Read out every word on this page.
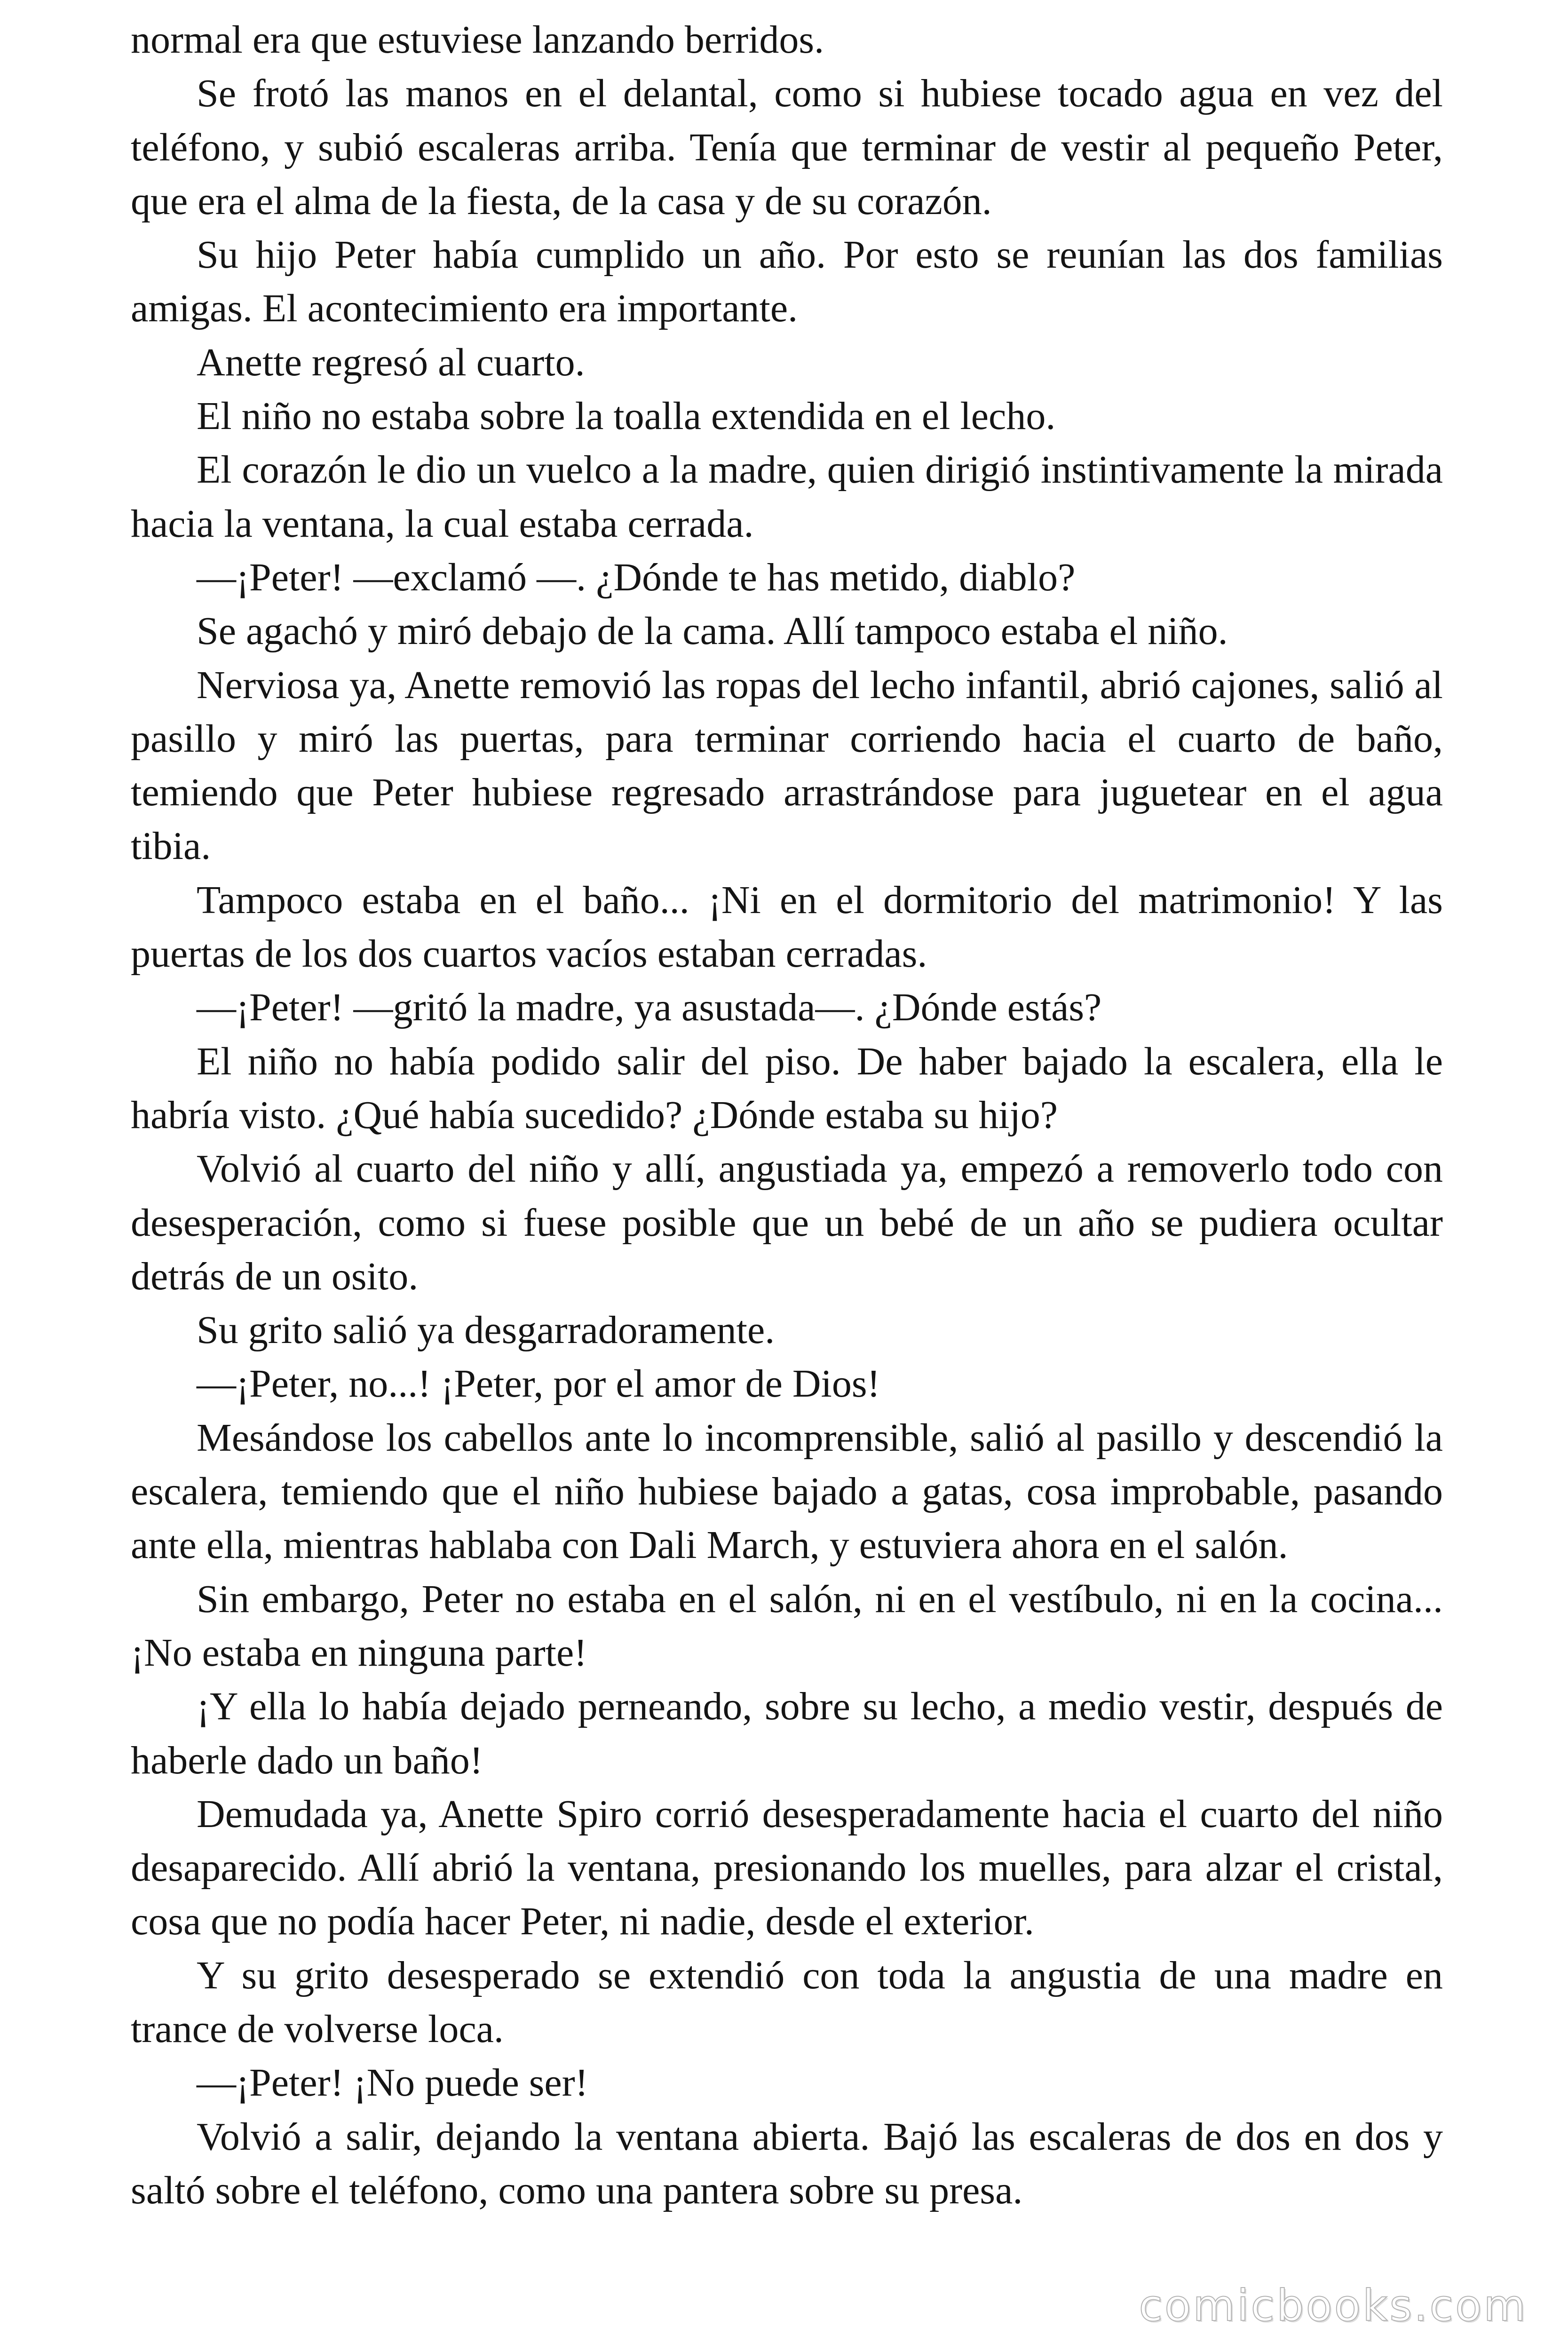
normal era que estuviese lanzando berridos.

Se frotó las manos en el delantal, como si hubiese tocado agua en vez del teléfono, y subió escaleras arriba. Tenía que terminar de vestir al pequeño Peter, que era el alma de la fiesta, de la casa y de su corazón.

Su hijo Peter había cumplido un año. Por esto se reunían las dos familias amigas. El acontecimiento era importante.

Anette regresó al cuarto.

El niño no estaba sobre la toalla extendida en el lecho.

El corazón le dio un vuelco a la madre, quien dirigió instintivamente la mirada hacia la ventana, la cual estaba cerrada.

—¡Peter! —exclamó —. ¿Dónde te has metido, diablo?

Se agachó y miró debajo de la cama. Allí tampoco estaba el niño.

Nerviosa ya, Anette removió las ropas del lecho infantil, abrió cajones, salió al pasillo y miró las puertas, para terminar corriendo hacia el cuarto de baño, temiendo que Peter hubiese regresado arrastrándose para juguetear en el agua tibia.

Tampoco estaba en el baño... ¡Ni en el dormitorio del matrimonio! Y las puertas de los dos cuartos vacíos estaban cerradas.

—¡Peter! —gritó la madre, ya asustada—. ¿Dónde estás?

El niño no había podido salir del piso. De haber bajado la escalera, ella le habría visto. ¿Qué había sucedido? ¿Dónde estaba su hijo?

Volvió al cuarto del niño y allí, angustiada ya, empezó a removerlo todo con desesperación, como si fuese posible que un bebé de un año se pudiera ocultar detrás de un osito.

Su grito salió ya desgarradoramente.

—¡Peter, no...! ¡Peter, por el amor de Dios!

Mesándose los cabellos ante lo incomprensible, salió al pasillo y descendió la escalera, temiendo que el niño hubiese bajado a gatas, cosa improbable, pasando ante ella, mientras hablaba con Dali March, y estuviera ahora en el salón.

Sin embargo, Peter no estaba en el salón, ni en el vestíbulo, ni en la cocina... ¡No estaba en ninguna parte!

¡Y ella lo había dejado perneando, sobre su lecho, a medio vestir, después de haberle dado un baño!

Demudada ya, Anette Spiro corrió desesperadamente hacia el cuarto del niño desaparecido. Allí abrió la ventana, presionando los muelles, para alzar el cristal, cosa que no podía hacer Peter, ni nadie, desde el exterior.

Y su grito desesperado se extendió con toda la angustia de una madre en trance de volverse loca.

—¡Peter! ¡No puede ser!

Volvió a salir, dejando la ventana abierta. Bajó las escaleras de dos en dos y saltó sobre el teléfono, como una pantera sobre su presa.

comicbooks.com
